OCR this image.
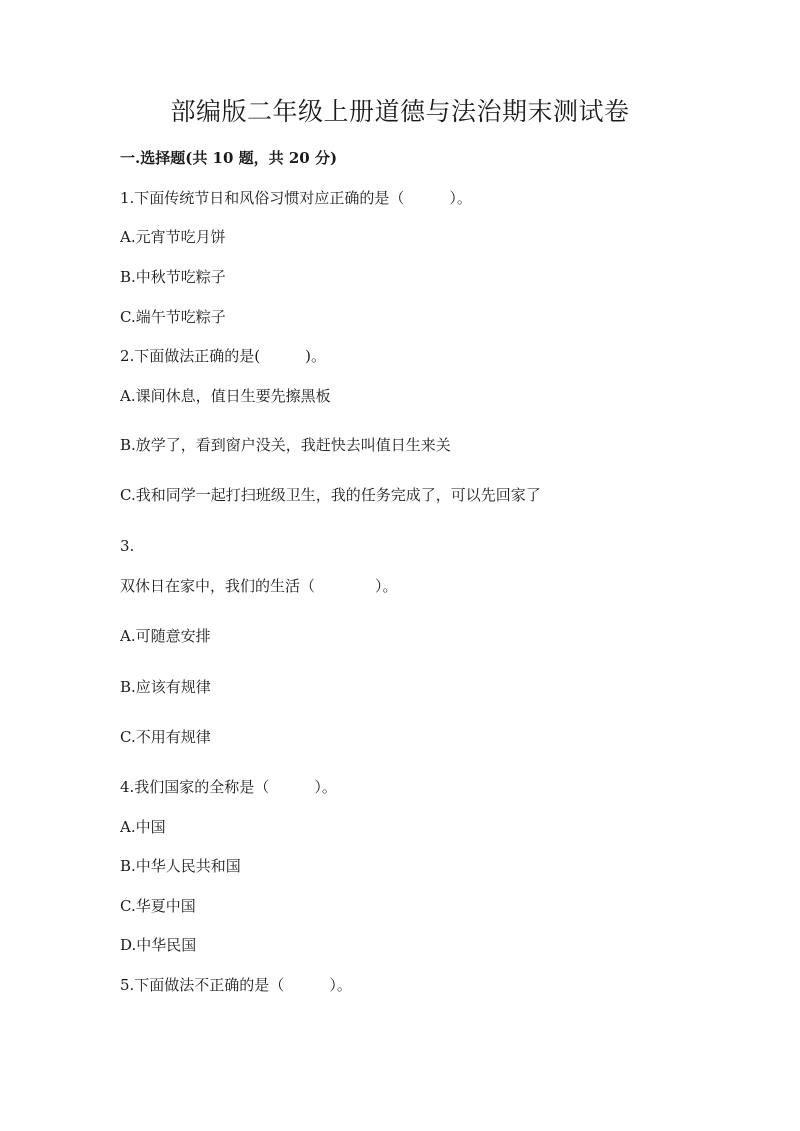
部编版二年级上册道德与法治期末测试卷
一.选择题(共 10 题，共 20 分)
1.下面传统节日和风俗习惯对应正确的是（　　　）。
A.元宵节吃月饼
B.中秋节吃粽子
C.端午节吃粽子
2.下面做法正确的是(　　　)。
A.课间休息，值日生要先擦黑板
B.放学了，看到窗户没关，我赶快去叫值日生来关
C.我和同学一起打扫班级卫生，我的任务完成了，可以先回家了
3.
双休日在家中，我们的生活（　　　　）。
A.可随意安排
B.应该有规律
C.不用有规律
4.我们国家的全称是（　　　）。
A.中国
B.中华人民共和国
C.华夏中国
D.中华民国
5.下面做法不正确的是（　　　）。
